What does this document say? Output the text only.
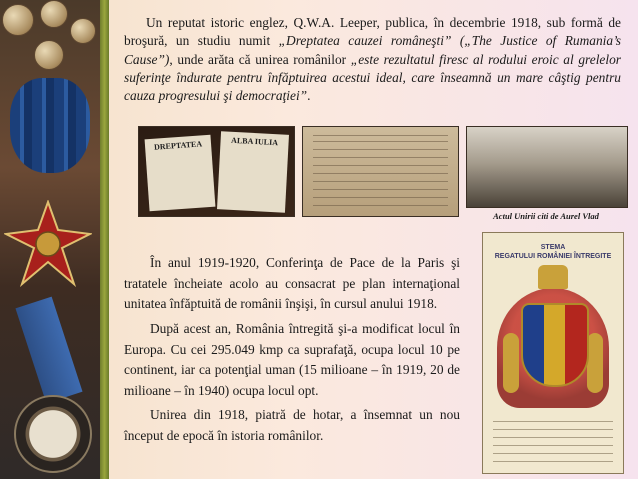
Un reputat istoric englez, Q.W.A. Leeper, publica, în decembrie 1918, sub formă de broşură, un studiu numit „Dreptatea cauzei româneşti” („The Justice of Rumania’s Cause”), unde arăta că unirea românilor „este rezultatul firesc al rodului eroic al grelelor suferinţe îndurate pentru înfăptuirea acestui ideal, care înseamnă un mare câştig pentru cauza progresului şi democraţiei”.

DREPTATEA	ALBA IULIA
Actul Unirii citi de Aurel Vlad

În anul 1919-1920, Conferinţa de Pace de la Paris şi tratatele încheiate acolo au consacrat pe plan internaţional unitatea înfăptuită de românii înşişi, în cursul anului 1918.

După acest an, România întregită şi-a modificat locul în Europa. Cu cei 295.049 kmp ca suprafaţă, ocupa locul 10 pe continent, iar ca potenţial uman (15 milioane – în 1919, 20 de milioane – în 1940) ocupa locul opt.

Unirea din 1918, piatră de hotar, a însemnat un nou început de epocă în istoria românilor.

STEMA
REGATULUI ROMÂNIEI ÎNTREGITE
